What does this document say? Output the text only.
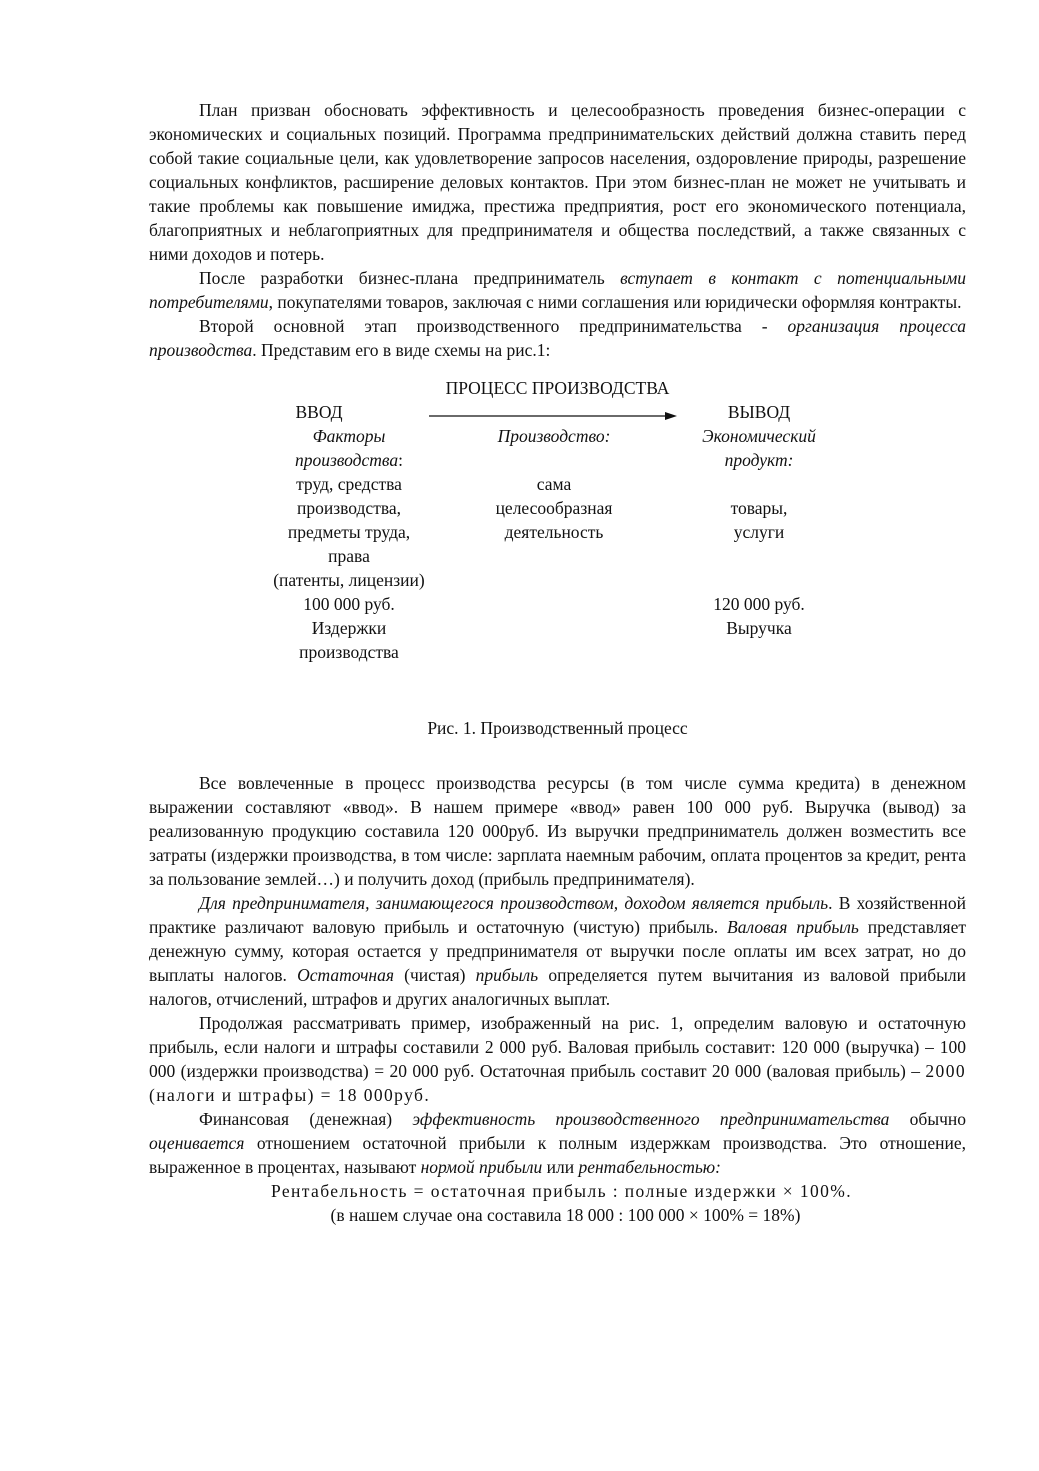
План призван обосновать эффективность и целесообразность проведения бизнес-операции с экономических и социальных позиций. Программа предпринимательских действий должна ставить перед собой такие социальные цели, как удовлетворение запросов населения, оздоровление природы, разрешение социальных конфликтов, расширение деловых контактов. При этом бизнес-план не может не учитывать и такие проблемы как повышение имиджа, престижа предприятия, рост его экономического потенциала, благоприятных и неблагоприятных для предпринимателя и общества последствий, а также связанных с ними доходов и потерь.

После разработки бизнес-плана предприниматель вступает в контакт с потенциальными потребителями, покупателями товаров, заключая с ними соглашения или юридически оформляя контракты.

Второй основной этап производственного предпринимательства - организация процесса производства. Представим его в виде схемы на рис.1:

ПРОЦЕСС ПРОИЗВОДСТВА
ВВОД
Факторы
производства:
труд, средства
производства,
предметы труда,
права
(патенты, лицензии)
100 000 руб.
Издержки
производства
Производство:
сама
целесообразная
деятельность
ВЫВОД
Экономический
продукт:
товары,
услуги
120 000 руб.
Выручка

Рис. 1. Производственный процесс

Все вовлеченные в процесс производства ресурсы (в том числе сумма кредита) в денежном выражении составляют «ввод». В нашем примере «ввод» равен 100 000 руб. Выручка (вывод) за реализованную продукцию составила 120 000руб. Из выручки предприниматель должен возместить все затраты (издержки производства, в том числе: зарплата наемным рабочим, оплата процентов за кредит, рента за пользование землей…) и получить доход (прибыль предпринимателя).

Для предпринимателя, занимающегося производством, доходом является прибыль. В хозяйственной практике различают валовую прибыль и остаточную (чистую) прибыль. Валовая прибыль представляет денежную сумму, которая остается у предпринимателя от выручки после оплаты им всех затрат, но до выплаты налогов. Остаточная (чистая) прибыль определяется путем вычитания из валовой прибыли налогов, отчислений, штрафов и других аналогичных выплат.

Продолжая рассматривать пример, изображенный на рис. 1, определим валовую и остаточную прибыль, если налоги и штрафы составили 2 000 руб. Валовая прибыль составит: 120 000 (выручка) – 100 000 (издержки производства) = 20 000 руб. Остаточная прибыль составит 20 000 (валовая прибыль) – 2000 (налоги и штрафы) = 18 000руб.

Финансовая (денежная) эффективность производственного предпринимательства обычно оценивается отношением остаточной прибыли к полным издержкам производства. Это отношение, выраженное в процентах, называют нормой прибыли или рентабельностью:

Рентабельность = остаточная прибыль : полные издержки × 100%.

(в нашем случае она составила 18 000 : 100 000 × 100% = 18%)
